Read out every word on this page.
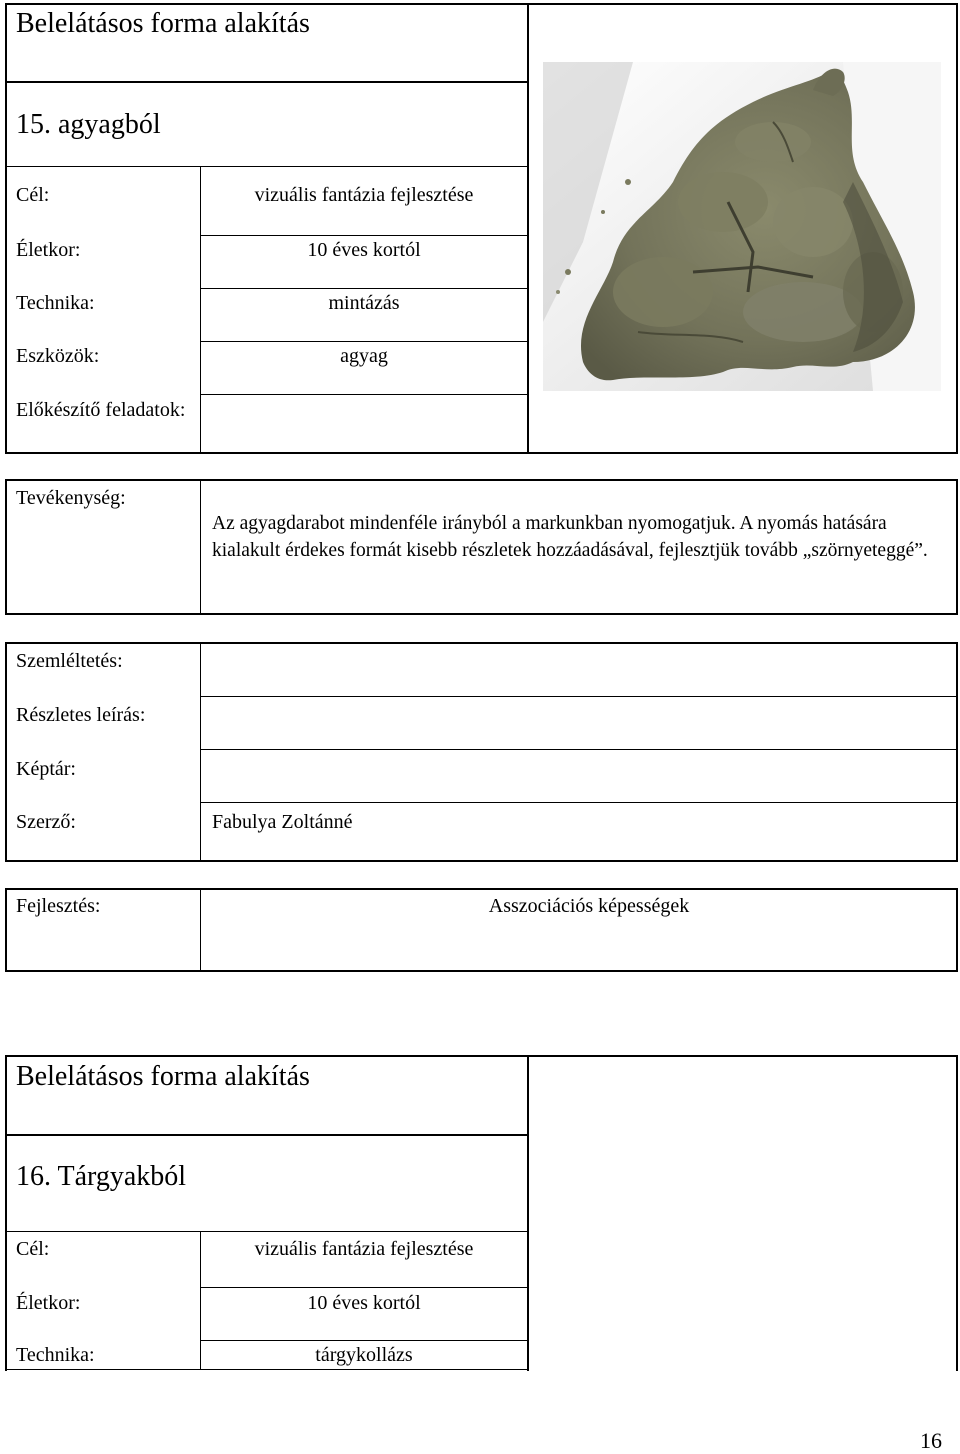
Belelátásos forma alakítás
15. agyagból
Cél:	vizuális fantázia fejlesztése
Életkor:	10 éves kortól
Technika:	mintázás
Eszközök:	agyag
Előkészítő feladatok:
Tevékenység:
Az agyagdarabot mindenféle irányból a markunkban nyomogatjuk. A nyomás hatására kialakult érdekes formát kisebb részletek hozzáadásával, fejlesztjük tovább „szörnyeteggé”.
Szemléltetés:
Részletes leírás:
Képtár:
Szerző:	Fabulya Zoltánné
Fejlesztés:	Asszociációs képességek
Belelátásos forma alakítás
16. Tárgyakból
Cél:	vizuális fantázia fejlesztése
Életkor:	10 éves kortól
Technika:	tárgykollázs
16
